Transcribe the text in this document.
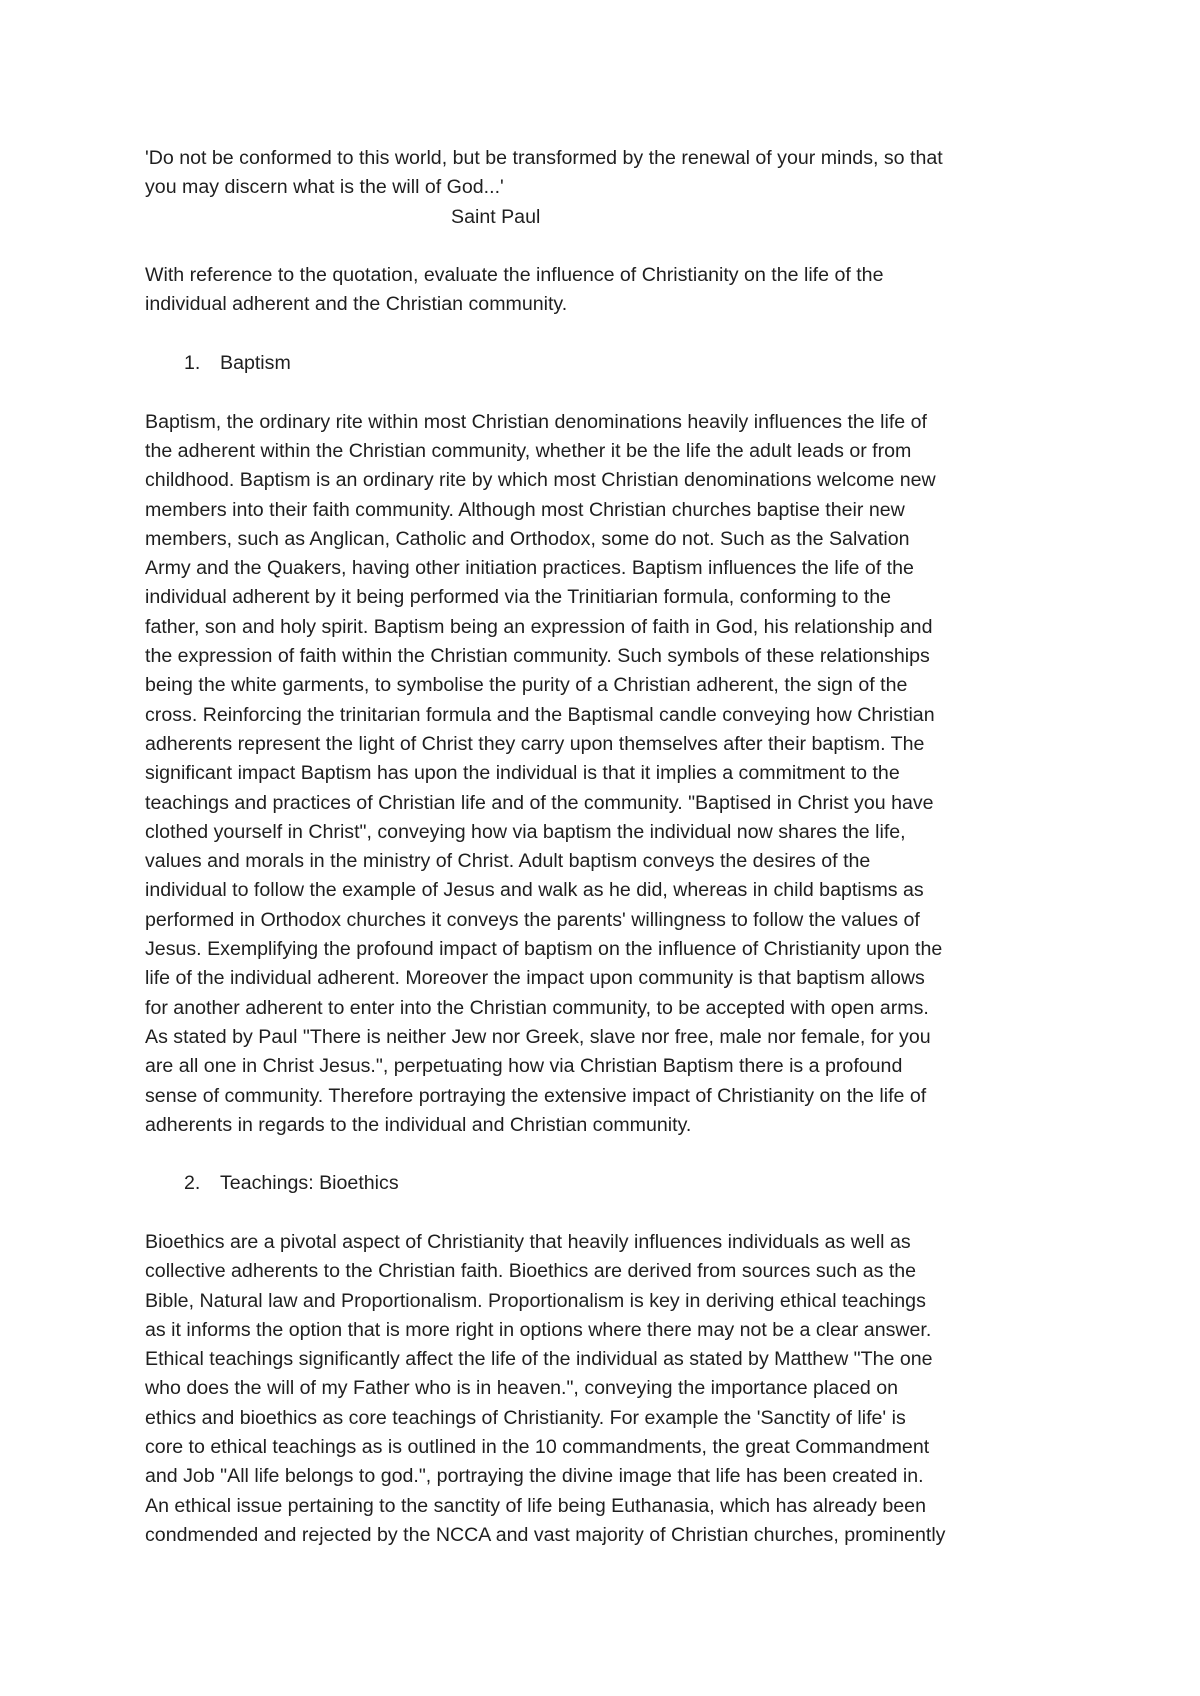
'Do not be conformed to this world, but be transformed by the renewal of your minds, so that

you may discern what is the will of God...'

Saint Paul

With reference to the quotation, evaluate the influence of Christianity on the life of the
individual adherent and the Christian community.

1. Baptism

Baptism, the ordinary rite within most Christian denominations heavily influences the life of
the adherent within the Christian community, whether it be the life the adult leads or from
childhood. Baptism is an ordinary rite by which most Christian denominations welcome new
members into their faith community. Although most Christian churches baptise their new
members, such as Anglican, Catholic and Orthodox, some do not. Such as the Salvation
Army and the Quakers, having other initiation practices. Baptism influences the life of the
individual adherent by it being performed via the Trinitiarian formula, conforming to the
father, son and holy spirit. Baptism being an expression of faith in God, his relationship and
the expression of faith within the Christian community. Such symbols of these relationships
being the white garments, to symbolise the purity of a Christian adherent, the sign of the
cross. Reinforcing the trinitarian formula and the Baptismal candle conveying how Christian
adherents represent the light of Christ they carry upon themselves after their baptism. The
significant impact Baptism has upon the individual is that it implies a commitment to the
teachings and practices of Christian life and of the community. "Baptised in Christ you have
clothed yourself in Christ", conveying how via baptism the individual now shares the life,
values and morals in the ministry of Christ. Adult baptism conveys the desires of the
individual to follow the example of Jesus and walk as he did, whereas in child baptisms as
performed in Orthodox churches it conveys the parents' willingness to follow the values of
Jesus. Exemplifying the profound impact of baptism on the influence of Christianity upon the
life of the individual adherent. Moreover the impact upon community is that baptism allows
for another adherent to enter into the Christian community, to be accepted with open arms.
As stated by Paul "There is neither Jew nor Greek, slave nor free, male nor female, for you
are all one in Christ Jesus.", perpetuating how via Christian Baptism there is a profound
sense of community. Therefore portraying the extensive impact of Christianity on the life of
adherents in regards to the individual and Christian community.

2. Teachings: Bioethics

Bioethics are a pivotal aspect of Christianity that heavily influences individuals as well as
collective adherents to the Christian faith. Bioethics are derived from sources such as the
Bible, Natural law and Proportionalism. Proportionalism is key in deriving ethical teachings
as it informs the option that is more right in options where there may not be a clear answer.
Ethical teachings significantly affect the life of the individual as stated by Matthew "The one
who does the will of my Father who is in heaven.", conveying the importance placed on
ethics and bioethics as core teachings of Christianity. For example the 'Sanctity of life' is
core to ethical teachings as is outlined in the 10 commandments, the great Commandment
and Job "All life belongs to god.", portraying the divine image that life has been created in.
An ethical issue pertaining to the sanctity of life being Euthanasia, which has already been
condmended and rejected by the NCCA and vast majority of Christian churches, prominently
